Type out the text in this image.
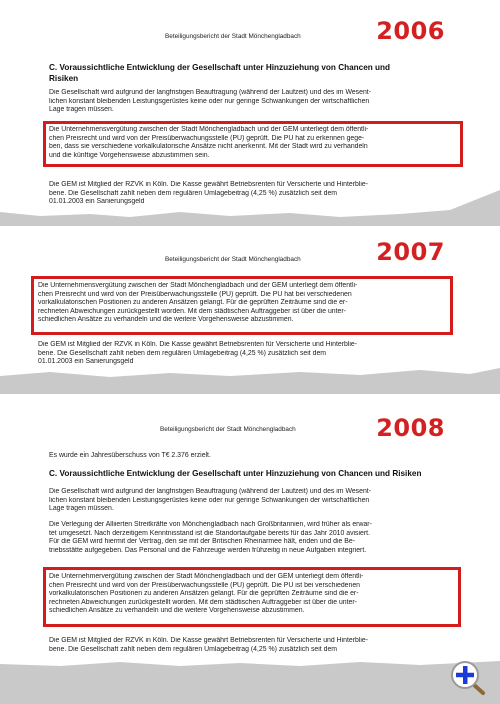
Beteiligungsbericht der Stadt Mönchengladbach	2006
C. Voraussichtliche Entwicklung der Gesellschaft unter Hinzuziehung von Chancen und
Risiken
Die Gesellschaft wird aufgrund der langfristigen Beauftragung (während der Laufzeit) und des im Wesent-
lichen konstant bleibenden Leistungsgerüstes keine oder nur geringe Schwankungen der wirtschaftlichen
Lage tragen müssen.
Die Unternehmensvergütung zwischen der Stadt Mönchengladbach und der GEM unterliegt dem öffentli-
chen Preisrecht und wird von der Preisüberwachungsstelle (PÜ) geprüft. Die PÜ hat zu erkennen gege-
ben, dass sie verschiedene vorkalkulatorische Ansätze nicht anerkennt. Mit der Stadt wird zu verhandeln
und die künftige Vorgehensweise abzustimmen sein.
Die GEM ist Mitglied der RZVK in Köln. Die Kasse gewährt Betriebsrenten für Versicherte und Hinterblie-
bene. Die Gesellschaft zahlt neben dem regulären Umlagebeitrag (4,25 %) zusätzlich seit dem
01.01.2003 ein Sanierungsgeld
Beteiligungsbericht der Stadt Mönchengladbach	2007
Die Unternehmensvergütung zwischen der Stadt Mönchengladbach und der GEM unterliegt dem öffentli-
chen Preisrecht und wird von der Preisüberwachungsstelle (PÜ) geprüft. Die PÜ hat bei verschiedenen
vorkalkulatorischen Positionen zu anderen Ansätzen gelangt. Für die geprüften Zeiträume sind die er-
rechneten Abweichungen zurückgestellt worden. Mit dem städtischen Auftraggeber ist über die unter-
schiedlichen Ansätze zu verhandeln und die weitere Vorgehensweise abzustimmen.
Die GEM ist Mitglied der RZVK in Köln. Die Kasse gewährt Betriebsrenten für Versicherte und Hinterblie-
bene. Die Gesellschaft zahlt neben dem regulären Umlagebeitrag (4,25 %) zusätzlich seit dem
01.01.2003 ein Sanierungsgeld
Beteiligungsbericht der Stadt Mönchengladbach	2008
Es wurde ein Jahresüberschuss von T€ 2.376 erzielt.
C. Voraussichtliche Entwicklung der Gesellschaft unter Hinzuziehung von Chancen und Risiken
Die Gesellschaft wird aufgrund der langfristigen Beauftragung (während der Laufzeit) und des im Wesent-
lichen konstant bleibenden Leistungsgerüstes keine oder nur geringe Schwankungen der wirtschaftlichen
Lage tragen müssen.
Die Verlegung der Alliierten Streitkräfte von Mönchengladbach nach Großbritannien, wird früher als erwar-
tet umgesetzt. Nach derzeitigem Kenntnisstand ist die Standortaufgabe bereits für das Jahr 2010 avisiert.
Für die GEM wird hiermit der Vertrag, den sie mit der Britischen Rheinarmee hält, enden und die Be-
triebsstätte aufgegeben. Das Personal und die Fahrzeuge werden frühzeitig in neue Aufgaben integriert.
Die Unternehmervergütung zwischen der Stadt Mönchengladbach und der GEM unterliegt dem öffentli-
chen Preisrecht und wird von der Preisüberwachungsstelle (PÜ) geprüft. Die PÜ ist bei verschiedenen
vorkalkulatorischen Positionen zu anderen Ansätzen gelangt. Für die geprüften Zeiträume sind die er-
rechneten Abweichungen zurückgestellt worden. Mit dem städtischen Auftraggeber ist über die unter-
schiedlichen Ansätze zu verhandeln und die weitere Vorgehensweise abzustimmen.
Die GEM ist Mitglied der RZVK in Köln. Die Kasse gewährt Betriebsrenten für Versicherte und Hinterblie-
bene. Die Gesellschaft zahlt neben dem regulären Umlagebeitrag (4,25 %) zusätzlich seit dem
